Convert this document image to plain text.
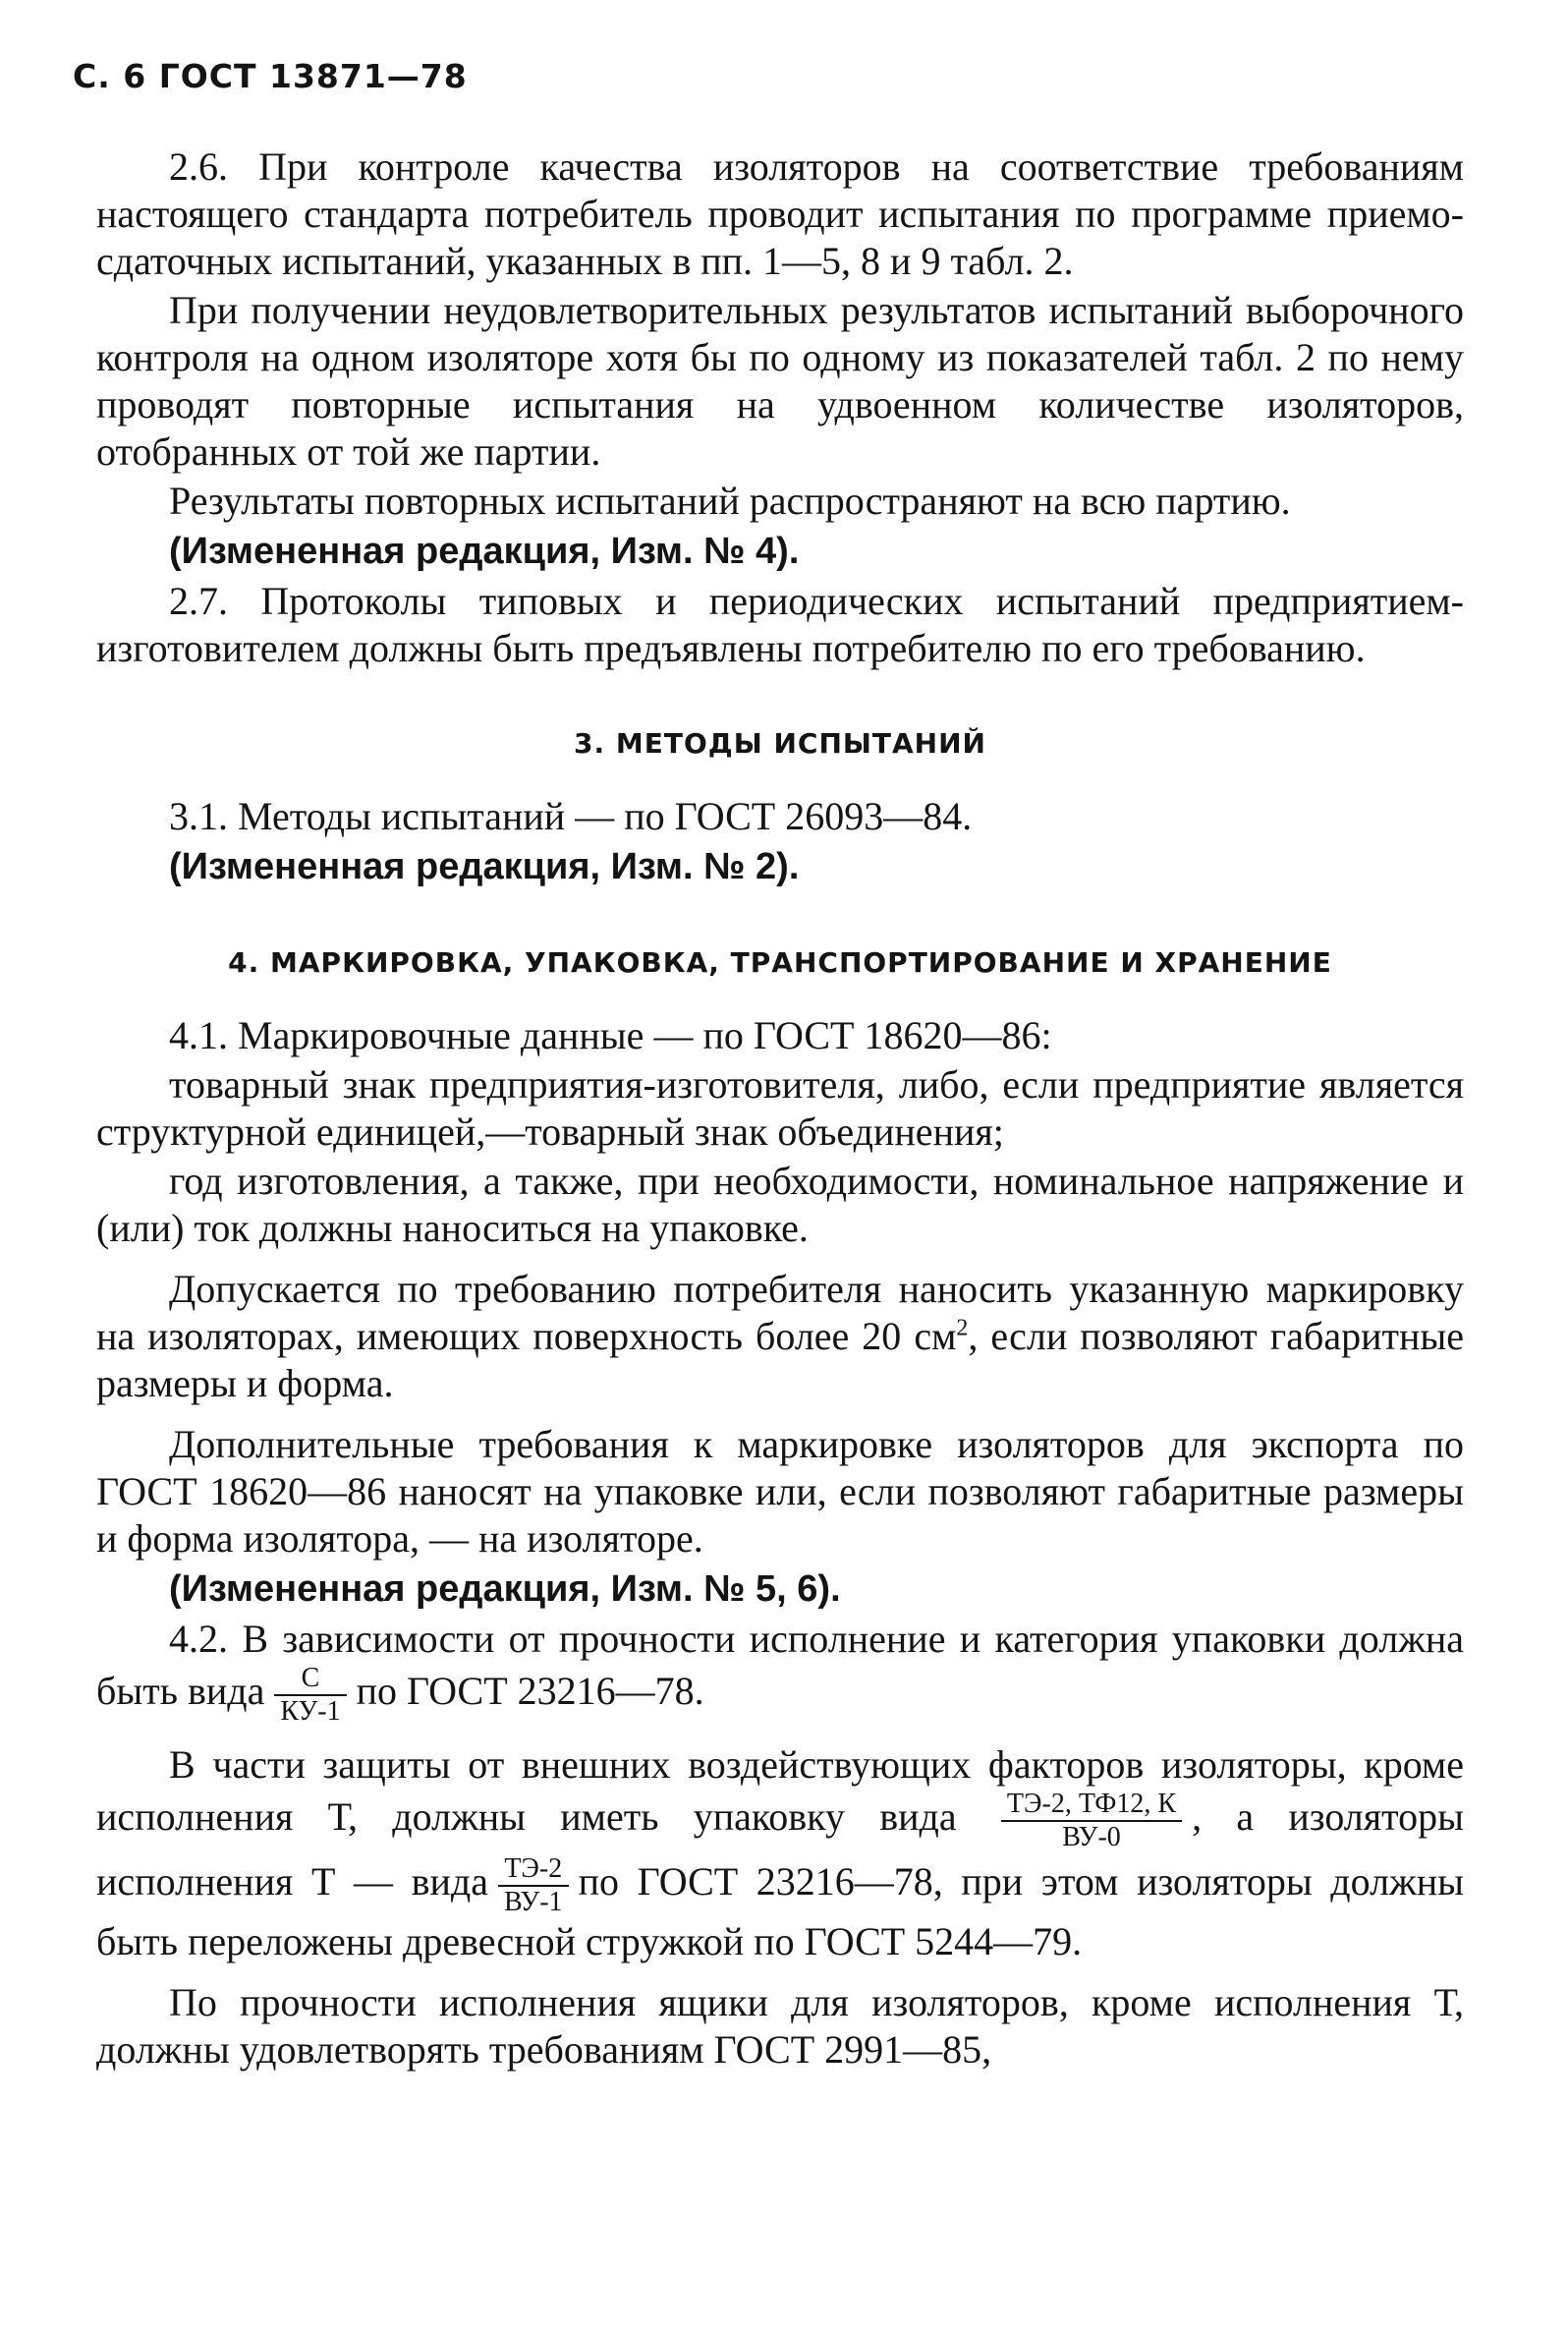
С. 6 ГОСТ 13871—78

2.6. При контроле качества изоляторов на соответствие требованиям настоящего стандарта потребитель проводит испытания по программе приемо-сдаточных испытаний, указанных в пп. 1—5, 8 и 9 табл. 2.

При получении неудовлетворительных результатов испытаний выборочного контроля на одном изоляторе хотя бы по одному из показателей табл. 2 по нему проводят повторные испытания на удвоенном количестве изоляторов, отобранных от той же партии.

Результаты повторных испытаний распространяют на всю партию.

(Измененная редакция, Изм. № 4).

2.7. Протоколы типовых и периодических испытаний предприятием-изготовителем должны быть предъявлены потребителю по его требованию.

3. МЕТОДЫ ИСПЫТАНИЙ

3.1. Методы испытаний — по ГОСТ 26093—84.

(Измененная редакция, Изм. № 2).

4. МАРКИРОВКА, УПАКОВКА, ТРАНСПОРТИРОВАНИЕ И ХРАНЕНИЕ

4.1. Маркировочные данные — по ГОСТ 18620—86:

товарный знак предприятия-изготовителя, либо, если предприятие является структурной единицей,—товарный знак объединения;

год изготовления, а также, при необходимости, номинальное напряжение и (или) ток должны наноситься на упаковке.

Допускается по требованию потребителя наносить указанную маркировку на изоляторах, имеющих поверхность более 20 $см^2$, если позволяют габаритные размеры и форма.

Дополнительные требования к маркировке изоляторов для экспорта по ГОСТ 18620—86 наносят на упаковке или, если позволяют габаритные размеры и форма изолятора, — на изоляторе.

(Измененная редакция, Изм. № 5, 6).

4.2. В зависимости от прочности исполнение и категория упаковки должна быть вида $\frac{С}{КУ-1}$ по ГОСТ 23216—78.

В части защиты от внешних воздействующих факторов изоляторы, кроме исполнения Т, должны иметь упаковку вида $\frac{ТЭ-2, ТФ12, К}{ВУ-0}$ , а изоляторы исполнения Т — вида $\frac{ТЭ-2}{ВУ-1}$ по ГОСТ 23216—78, при этом изоляторы должны быть переложены древесной стружкой по ГОСТ 5244—79.

По прочности исполнения ящики для изоляторов, кроме исполнения Т, должны удовлетворять требованиям ГОСТ 2991—85,
